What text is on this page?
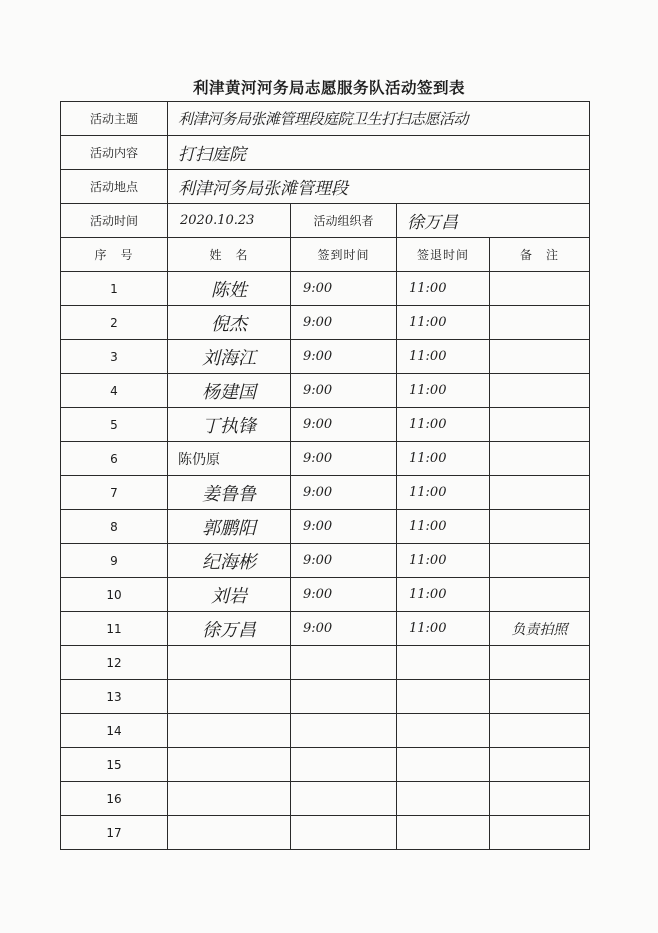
利津黄河河务局志愿服务队活动签到表
活动主题	利津河务局张滩管理段庭院卫生打扫志愿活动			
活动内容	打扫庭院			
活动地点	利津河务局张滩管理段			
活动时间	2020.10.23	活动组织者	徐万昌	
序　号	姓　名	签到时间	签退时间	备　注
1	陈姓	9:00	11:00	
2	倪杰	9:00	11:00	
3	刘海江	9:00	11:00	
4	杨建国	9:00	11:00	
5	丁执锋	9:00	11:00	
6	陈仍原	9:00	11:00	
7	姜鲁鲁	9:00	11:00	
8	郭鹏阳	9:00	11:00	
9	纪海彬	9:00	11:00	
10	刘岩	9:00	11:00	
11	徐万昌	9:00	11:00	负责拍照
12				
13				
14				
15				
16				
17				
